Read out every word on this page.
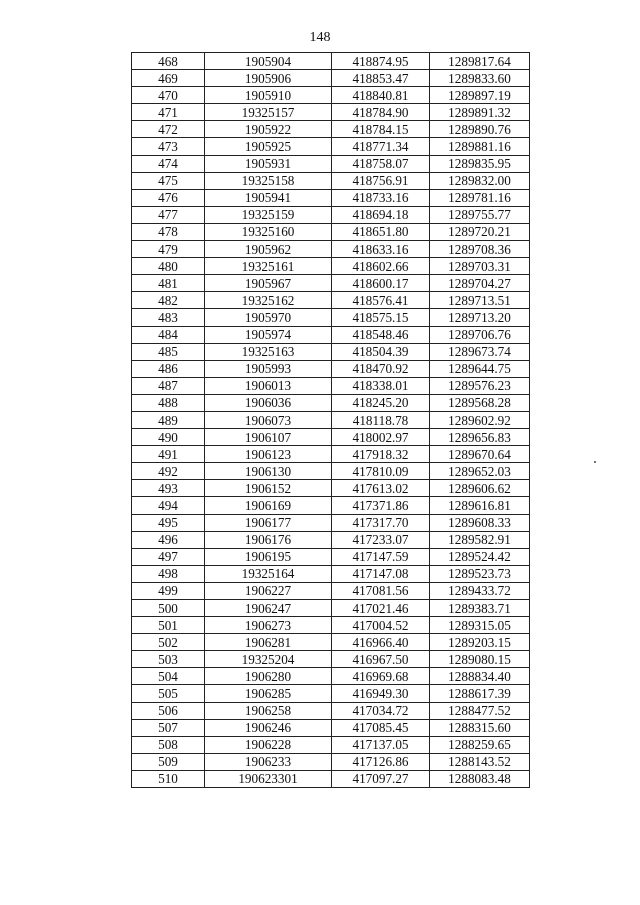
148
468	1905904	418874.95	1289817.64
469	1905906	418853.47	1289833.60
470	1905910	418840.81	1289897.19
471	19325157	418784.90	1289891.32
472	1905922	418784.15	1289890.76
473	1905925	418771.34	1289881.16
474	1905931	418758.07	1289835.95
475	19325158	418756.91	1289832.00
476	1905941	418733.16	1289781.16
477	19325159	418694.18	1289755.77
478	19325160	418651.80	1289720.21
479	1905962	418633.16	1289708.36
480	19325161	418602.66	1289703.31
481	1905967	418600.17	1289704.27
482	19325162	418576.41	1289713.51
483	1905970	418575.15	1289713.20
484	1905974	418548.46	1289706.76
485	19325163	418504.39	1289673.74
486	1905993	418470.92	1289644.75
487	1906013	418338.01	1289576.23
488	1906036	418245.20	1289568.28
489	1906073	418118.78	1289602.92
490	1906107	418002.97	1289656.83
491	1906123	417918.32	1289670.64
492	1906130	417810.09	1289652.03
493	1906152	417613.02	1289606.62
494	1906169	417371.86	1289616.81
495	1906177	417317.70	1289608.33
496	1906176	417233.07	1289582.91
497	1906195	417147.59	1289524.42
498	19325164	417147.08	1289523.73
499	1906227	417081.56	1289433.72
500	1906247	417021.46	1289383.71
501	1906273	417004.52	1289315.05
502	1906281	416966.40	1289203.15
503	19325204	416967.50	1289080.15
504	1906280	416969.68	1288834.40
505	1906285	416949.30	1288617.39
506	1906258	417034.72	1288477.52
507	1906246	417085.45	1288315.60
508	1906228	417137.05	1288259.65
509	1906233	417126.86	1288143.52
510	190623301	417097.27	1288083.48
